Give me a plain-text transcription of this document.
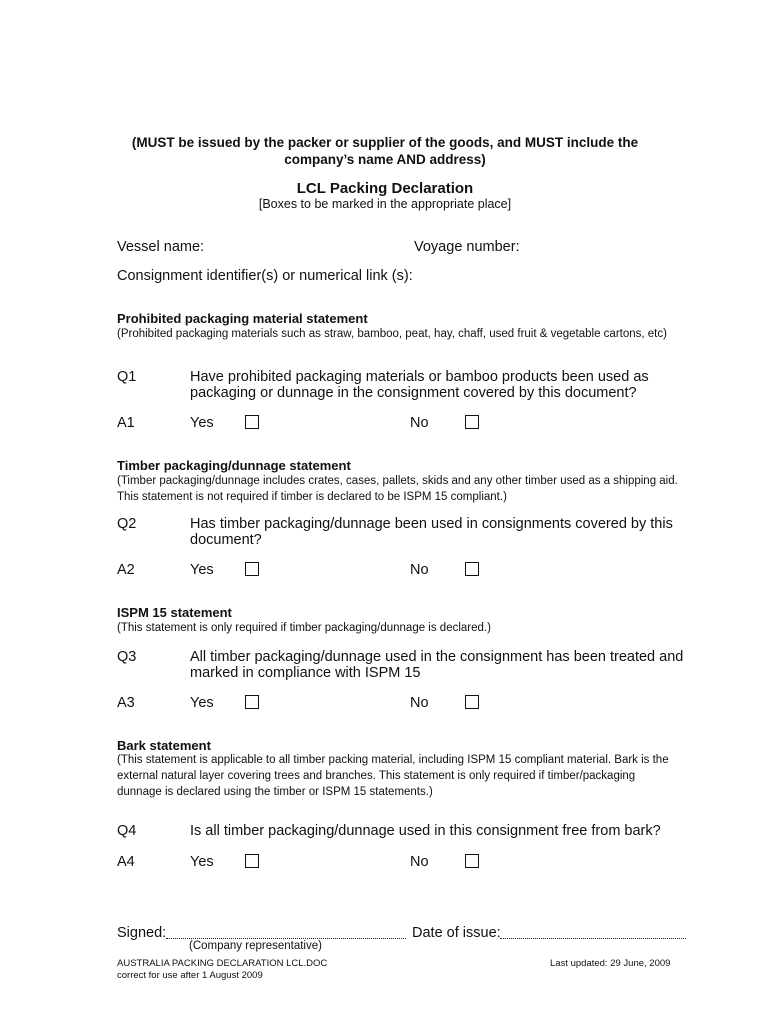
(MUST be issued by the packer or supplier of the goods, and MUST include the
company’s name AND address)
LCL Packing Declaration
[Boxes to be marked in the appropriate place]
Vessel name:	Voyage number:
Consignment identifier(s) or numerical link (s):
Prohibited packaging material statement
(Prohibited packaging materials such as straw, bamboo, peat, hay, chaff, used fruit & vegetable cartons, etc)
Q1	Have prohibited packaging materials or bamboo products been used as packaging or dunnage in the consignment covered by this document?
A1	Yes	No
Timber packaging/dunnage statement
(Timber packaging/dunnage includes crates, cases, pallets, skids and any other timber used as a shipping aid. This statement is not required if timber is declared to be ISPM 15 compliant.)
Q2	Has timber packaging/dunnage been used in consignments covered by this document?
A2	Yes	No
ISPM 15 statement
(This statement is only required if timber packaging/dunnage is declared.)
Q3	All timber packaging/dunnage used in the consignment has been treated and marked in compliance with ISPM 15
A3	Yes	No
Bark statement
(This statement is applicable to all timber packing material, including ISPM 15 compliant material. Bark is the external natural layer covering trees and branches. This statement is only required if timber/packaging dunnage is declared using the timber or ISPM 15 statements.)
Q4	Is all timber packaging/dunnage used in this consignment free from bark?
A4	Yes	No
Signed:	Date of issue:
(Company representative)
AUSTRALIA PACKING DECLARATION LCL.DOC
correct for use after 1 August 2009
Last updated: 29 June, 2009
